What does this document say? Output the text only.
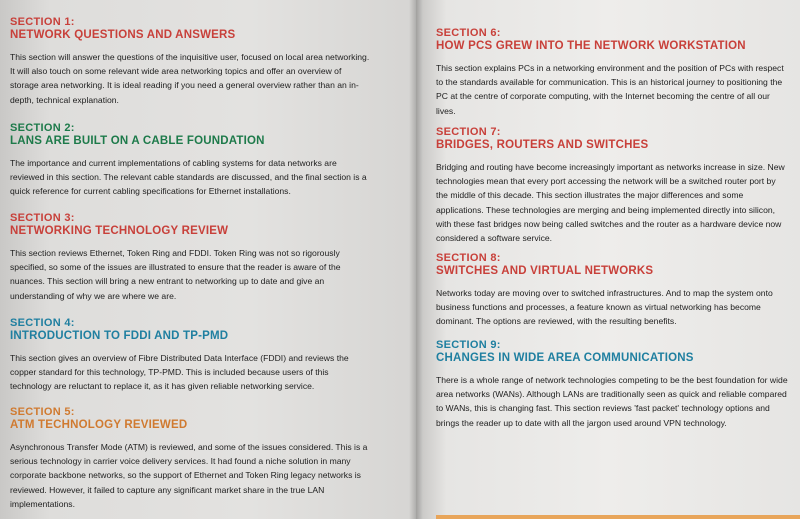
SECTION 1:

NETWORK QUESTIONS AND ANSWERS

This section will answer the questions of the inquisitive user, focused on local area networking. It will also touch on some relevant wide area networking topics and offer an overview of storage area networking. It is ideal reading if you need a general overview rather than an in-depth, technical explanation.

SECTION 2:

LANS ARE BUILT ON A CABLE FOUNDATION

The importance and current implementations of cabling systems for data networks are reviewed in this section. The relevant cable standards are discussed, and the final section is a quick reference for current cabling specifications for Ethernet installations.

SECTION 3:

NETWORKING TECHNOLOGY REVIEW

This section reviews Ethernet, Token Ring and FDDI. Token Ring was not so rigorously specified, so some of the issues are illustrated to ensure that the reader is aware of the nuances. This section will bring a new entrant to networking up to date and give an understanding of why we are where we are.

SECTION 4:

INTRODUCTION TO FDDI AND TP-PMD

This section gives an overview of Fibre Distributed Data Interface (FDDI) and reviews the copper standard for this technology, TP-PMD. This is included because users of this technology are reluctant to replace it, as it has given reliable networking service.

SECTION 5:

ATM TECHNOLOGY REVIEWED

Asynchronous Transfer Mode (ATM) is reviewed, and some of the issues considered. This is a serious technology in carrier voice delivery services. It had found a niche solution in many corporate backbone networks, so the support of Ethernet and Token Ring legacy networks is reviewed. However, it failed to capture any significant market share in the true LAN implementations.

SECTION 6:

HOW PCS GREW INTO THE NETWORK WORKSTATION

This section explains PCs in a networking environment and the position of PCs with respect to the standards available for communication. This is an historical journey to positioning the PC at the centre of corporate computing, with the Internet becoming the centre of all our lives.

SECTION 7:

BRIDGES, ROUTERS AND SWITCHES

Bridging and routing have become increasingly important as networks increase in size. New technologies mean that every port accessing the network will be a switched router port by the middle of this decade. This section illustrates the major differences and some applications. These technologies are merging and being implemented directly into silicon, with these fast bridges now being called switches and the router as a hardware device now considered a software service.

SECTION 8:

SWITCHES AND VIRTUAL NETWORKS

Networks today are moving over to switched infrastructures. And to map the system onto business functions and processes, a feature known as virtual networking has become dominant. The options are reviewed, with the resulting benefits.

SECTION 9:

CHANGES IN WIDE AREA COMMUNICATIONS

There is a whole range of network technologies competing to be the best foundation for wide area networks (WANs). Although LANs are traditionally seen as quick and reliable compared to WANs, this is changing fast. This section reviews 'fast packet' technology options and brings the reader up to date with all the jargon used around VPN technology.
